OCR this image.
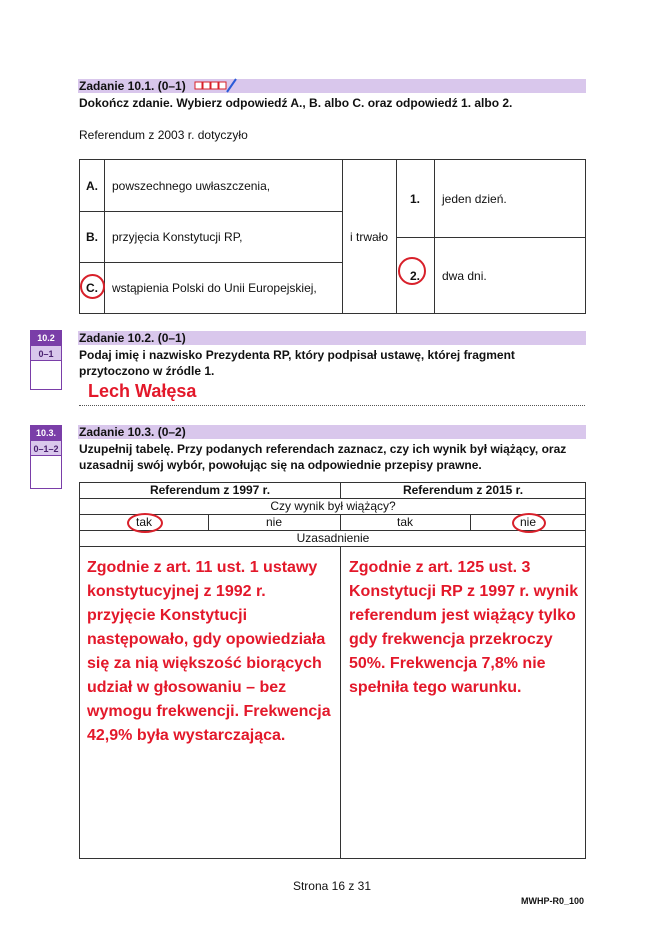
Zadanie 10.1. (0–1)
Dokończ zdanie. Wybierz odpowiedź A., B. albo C. oraz odpowiedź 1. albo 2.
Referendum z 2003 r. dotyczyło
A.	powszechnego uwłaszczenia,
B.	przyjęcia Konstytucji RP,
C.	wstąpienia Polski do Unii Europejskiej,
i trwało
1.	jeden dzień.
2.	dwa dni.
10.2
0–1
Zadanie 10.2. (0–1)
Podaj imię i nazwisko Prezydenta RP, który podpisał ustawę, której fragment przytoczono w źródle 1.
Lech Wałęsa
10.3.
0–1–2
Zadanie 10.3. (0–2)
Uzupełnij tabelę. Przy podanych referendach zaznacz, czy ich wynik był wiążący, oraz uzasadnij swój wybór, powołując się na odpowiednie przepisy prawne.
Referendum z 1997 r.	Referendum z 2015 r.
Czy wynik był wiążący?
tak	nie	tak	nie
Uzasadnienie
Zgodnie z art. 11 ust. 1 ustawy konstytucyjnej z 1992 r. przyjęcie Konstytucji następowało, gdy opowiedziała się za nią większość biorących udział w głosowaniu – bez wymogu frekwencji. Frekwencja 42,9% była wystarczająca.
Zgodnie z art. 125 ust. 3 Konstytucji RP z 1997 r. wynik referendum jest wiążący tylko gdy frekwencja przekroczy 50%. Frekwencja 7,8% nie spełniła tego warunku.
Strona 16 z 31
MWHP-R0_100
